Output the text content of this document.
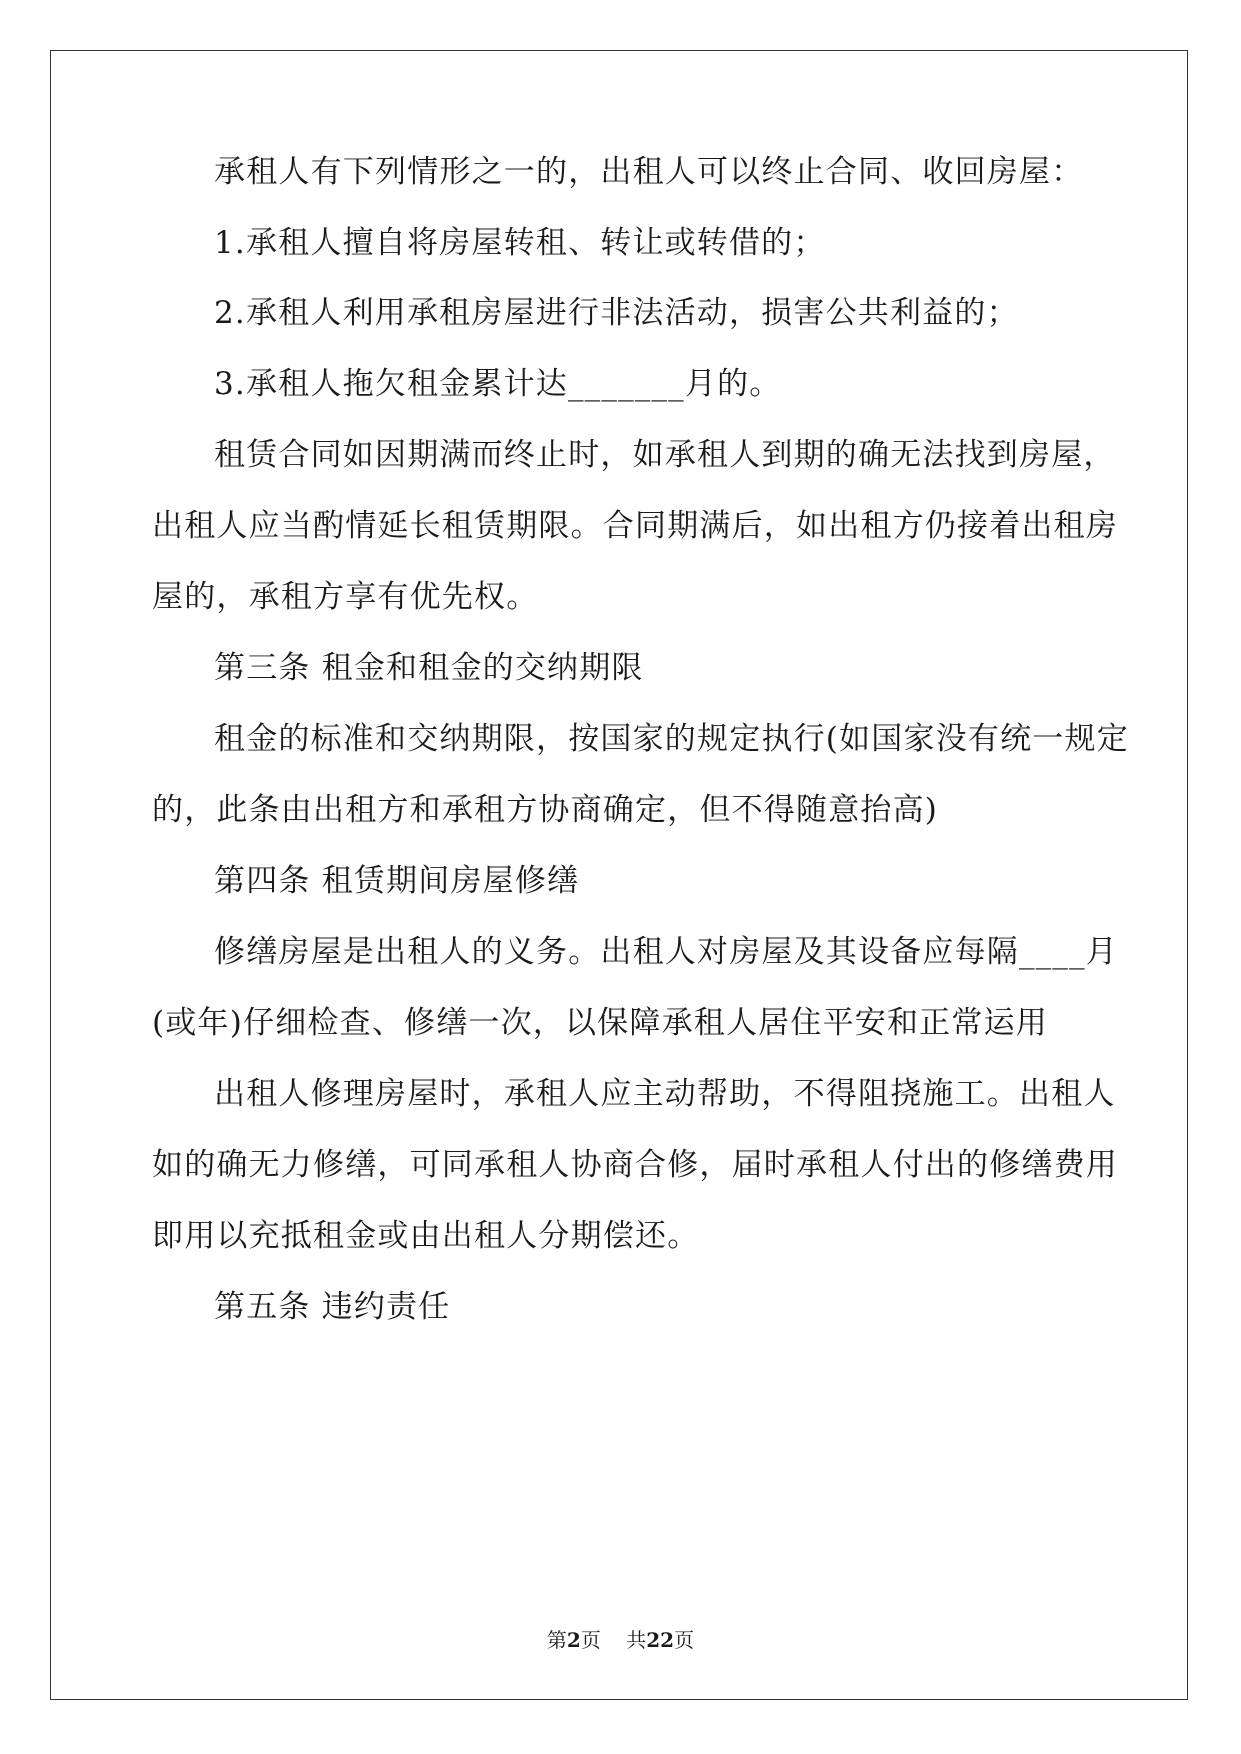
承租人有下列情形之一的，出租人可以终止合同、收回房屋：
1.承租人擅自将房屋转租、转让或转借的；
2.承租人利用承租房屋进行非法活动，损害公共利益的；
3.承租人拖欠租金累计达_______月的。
租赁合同如因期满而终止时，如承租人到期的确无法找到房屋，
出租人应当酌情延长租赁期限。合同期满后，如出租方仍接着出租房
屋的，承租方享有优先权。
第三条 租金和租金的交纳期限
租金的标准和交纳期限，按国家的规定执行(如国家没有统一规定
的，此条由出租方和承租方协商确定，但不得随意抬高)
第四条 租赁期间房屋修缮
修缮房屋是出租人的义务。出租人对房屋及其设备应每隔____月
(或年)仔细检查、修缮一次，以保障承租人居住平安和正常运用
出租人修理房屋时，承租人应主动帮助，不得阻挠施工。出租人
如的确无力修缮，可同承租人协商合修，届时承租人付出的修缮费用
即用以充抵租金或由出租人分期偿还。
第五条 违约责任
第2页 共22页
